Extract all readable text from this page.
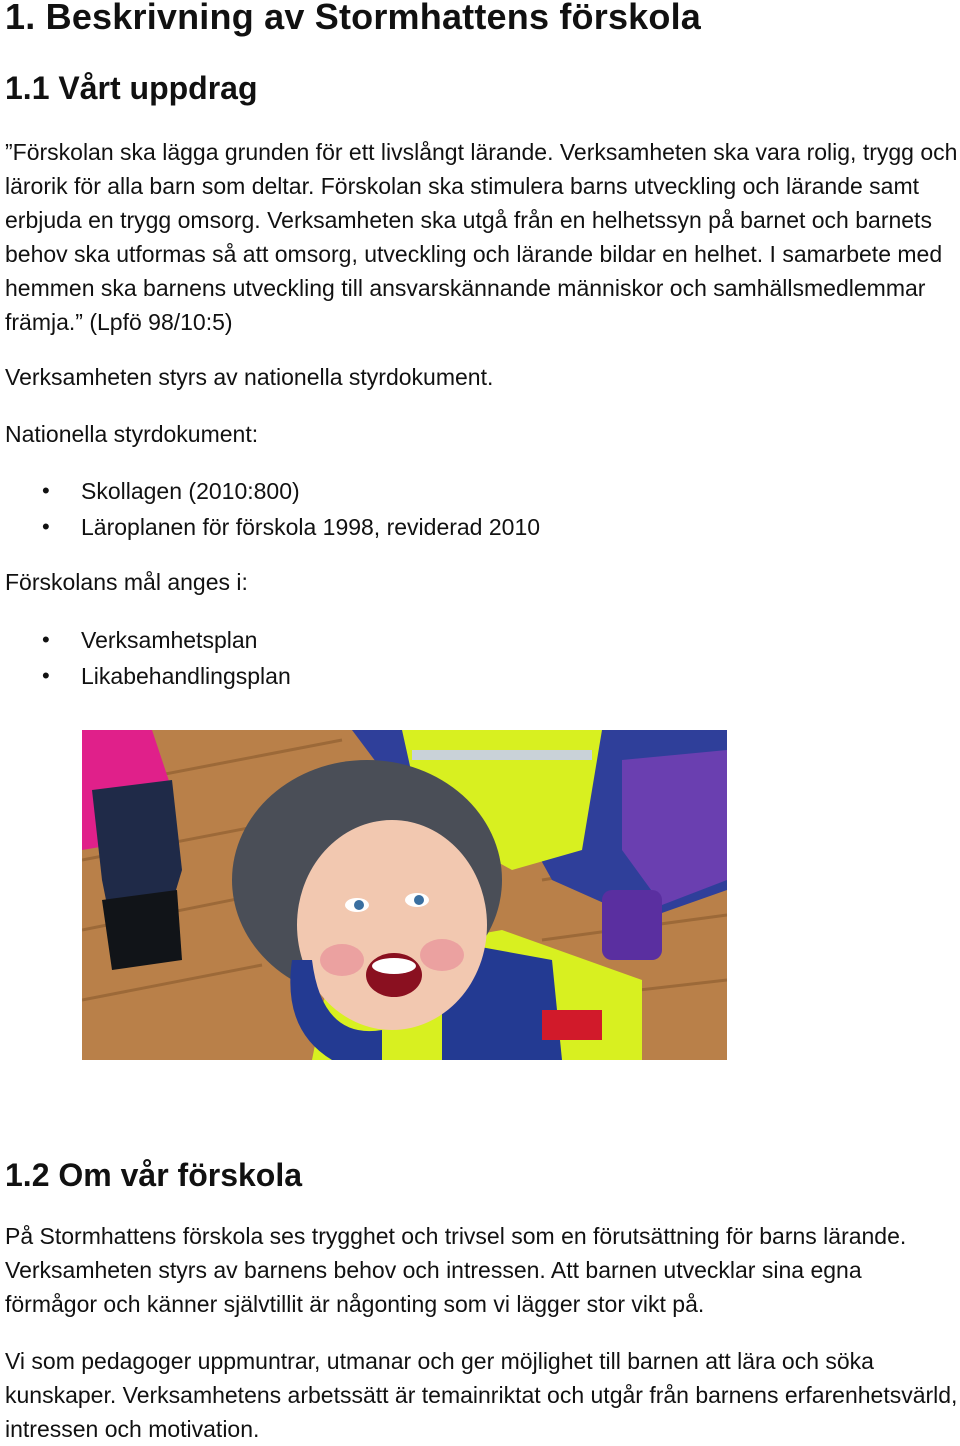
1. Beskrivning av Stormhattens förskola
1.1 Vårt uppdrag

”Förskolan ska lägga grunden för ett livslångt lärande. Verksamheten ska vara rolig, trygg och lärorik för alla barn som deltar. Förskolan ska stimulera barns utveckling och lärande samt erbjuda en trygg omsorg. Verksamheten ska utgå från en helhetssyn på barnet och barnets behov ska utformas så att omsorg, utveckling och lärande bildar en helhet. I samarbete med hemmen ska barnens utveckling till ansvarskännande människor och samhällsmedlemmar främja.” (Lpfö 98/10:5)

Verksamheten styrs av nationella styrdokument.

Nationella styrdokument:

• Skollagen (2010:800)
• Läroplanen för förskola 1998, reviderad 2010

Förskolans mål anges i:

• Verksamhetsplan
• Likabehandlingsplan
1.2 Om vår förskola

På Stormhattens förskola ses trygghet och trivsel som en förutsättning för barns lärande. Verksamheten styrs av barnens behov och intressen. Att barnen utvecklar sina egna förmågor och känner självtillit är någonting som vi lägger stor vikt på.

Vi som pedagoger uppmuntrar, utmanar och ger möjlighet till barnen att lära och söka kunskaper. Verksamhetens arbetssätt är temainriktat och utgår från barnens erfarenhetsvärld, intressen och motivation.
